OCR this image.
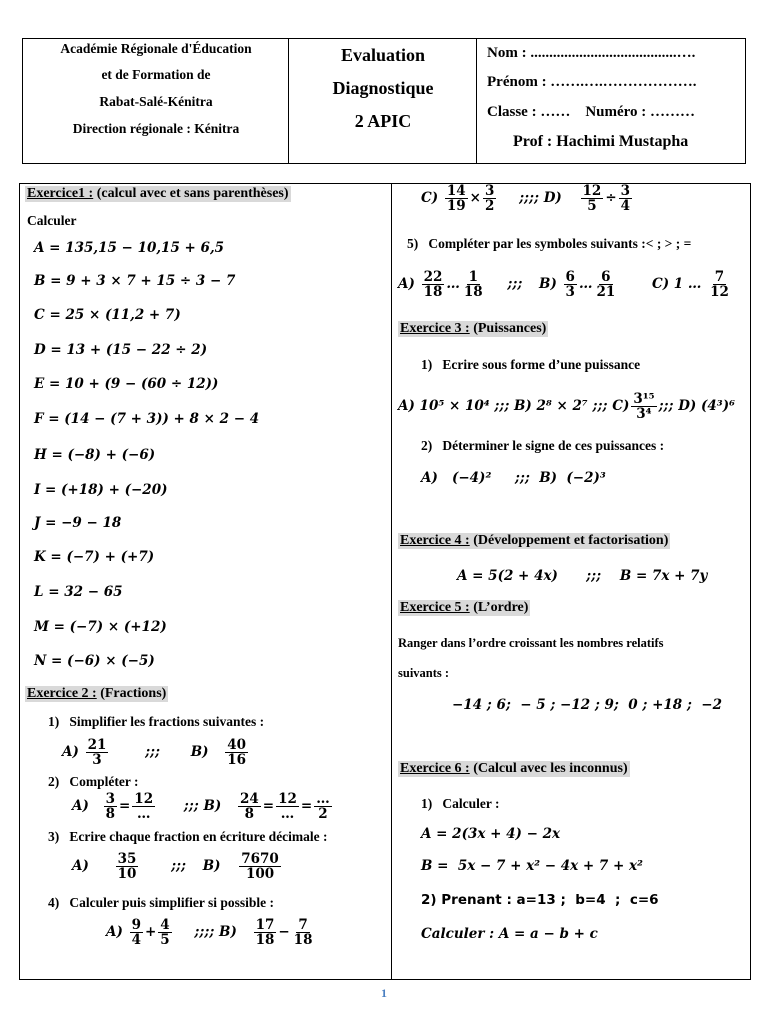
Académie Régionale d'Éducation
et de Formation de
Rabat-Salé-Kénitra
Direction régionale : Kénitra
Evaluation
Diagnostique
2 APIC
Nom : .......................................….
Prénom : …….….……………….
Classe : ……    Numéro : ………
Prof : Hachimi Mustapha
Exercice1 : (calcul avec et sans parenthèses)
Calculer
A = 135,15 − 10,15 + 6,5
B = 9 + 3 × 7 + 15 ÷ 3 − 7
C = 25 × (11,2 + 7)
D = 13 + (15 − 22 ÷ 2)
E = 10 + (9 − (60 ÷ 12))
F = (14 − (7 + 3)) + 8 × 2 − 4
H = (−8) + (−6)
I = (+18) + (−20)
J = −9 − 18
K = (−7) + (+7)
L = 32 − 65
M = (−7) × (+12)
N = (−6) × (−5)
Exercice 2 : (Fractions)
1)   Simplifier les fractions suivantes :
$A) \frac{21}{3}$	;;; $B) \frac{40}{16}$
2)   Compléter :
$A) \frac{3}{8} = \frac{12}{\dots}$ ;;; $B) \frac{24}{8} = \frac{12}{\dots} = \frac{\dots}{2}$
3)   Ecrire chaque fraction en écriture décimale :
$A) \frac{35}{10}$ ;;; $B) \frac{7670}{100}$
4)   Calculer puis simplifier si possible :
$A) \frac{9}{4} + \frac{4}{5}$ ;;;; $B) \frac{17}{18} - \frac{7}{18}$
$C) \frac{14}{19} \times \frac{3}{2}$ ;;;; $D) \frac{12}{5} \div \frac{3}{4}$
5)   Compléter par les symboles suivants :< ; > ; =
$A) \frac{22}{18}$ … $\frac{1}{18}$ ;;; $B) \frac{6}{3}$ … $\frac{6}{21}$	C) 1 … $\frac{7}{12}$
Exercice 3 : (Puissances)
1)   Ecrire sous forme d’une puissance
A) 10⁵ × 10⁴ ;;; B) 2⁸ × 2⁷ ;;; $C) \frac{\text{3¹⁵}}{\text{3⁴}}$ ;;; D) (4³)⁶
2)   Déterminer le signe de ces puissances :
A)   (−4)²     ;;;  B)  (−2)³
Exercice 4 : (Développement et factorisation)
A = 5(2 + 4x)      ;;;    B = 7x + 7y
Exercice 5 : (L’ordre)
Ranger dans l’ordre croissant les nombres relatifs
suivants :
−14 ; 6;  − 5 ; −12 ; 9;  0 ; +18 ;  −2
Exercice 6 : (Calcul avec les inconnus)
1)   Calculer :
A = 2(3x + 4) − 2x
B =  5x − 7 + x² − 4x + 7 + x²
2) Prenant : a=13 ;  b=4  ;  c=6
Calculer : A = a − b + c
1
